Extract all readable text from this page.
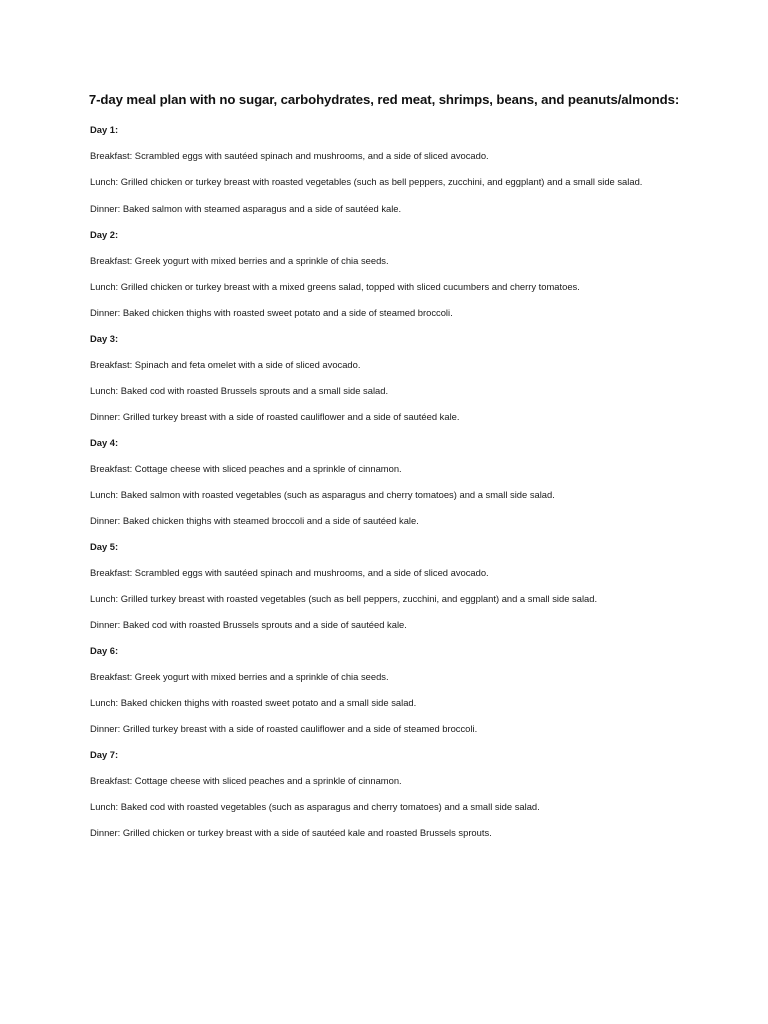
7-day meal plan with no sugar, carbohydrates, red meat, shrimps, beans, and peanuts/almonds:
Day 1:
Breakfast: Scrambled eggs with sautéed spinach and mushrooms, and a side of sliced avocado.
Lunch: Grilled chicken or turkey breast with roasted vegetables (such as bell peppers, zucchini, and eggplant) and a small side salad.
Dinner: Baked salmon with steamed asparagus and a side of sautéed kale.
Day 2:
Breakfast: Greek yogurt with mixed berries and a sprinkle of chia seeds.
Lunch: Grilled chicken or turkey breast with a mixed greens salad, topped with sliced cucumbers and cherry tomatoes.
Dinner: Baked chicken thighs with roasted sweet potato and a side of steamed broccoli.
Day 3:
Breakfast: Spinach and feta omelet with a side of sliced avocado.
Lunch: Baked cod with roasted Brussels sprouts and a small side salad.
Dinner: Grilled turkey breast with a side of roasted cauliflower and a side of sautéed kale.
Day 4:
Breakfast: Cottage cheese with sliced peaches and a sprinkle of cinnamon.
Lunch: Baked salmon with roasted vegetables (such as asparagus and cherry tomatoes) and a small side salad.
Dinner: Baked chicken thighs with steamed broccoli and a side of sautéed kale.
Day 5:
Breakfast: Scrambled eggs with sautéed spinach and mushrooms, and a side of sliced avocado.
Lunch: Grilled turkey breast with roasted vegetables (such as bell peppers, zucchini, and eggplant) and a small side salad.
Dinner: Baked cod with roasted Brussels sprouts and a side of sautéed kale.
Day 6:
Breakfast: Greek yogurt with mixed berries and a sprinkle of chia seeds.
Lunch: Baked chicken thighs with roasted sweet potato and a small side salad.
Dinner: Grilled turkey breast with a side of roasted cauliflower and a side of steamed broccoli.
Day 7:
Breakfast: Cottage cheese with sliced peaches and a sprinkle of cinnamon.
Lunch: Baked cod with roasted vegetables (such as asparagus and cherry tomatoes) and a small side salad.
Dinner: Grilled chicken or turkey breast with a side of sautéed kale and roasted Brussels sprouts.
